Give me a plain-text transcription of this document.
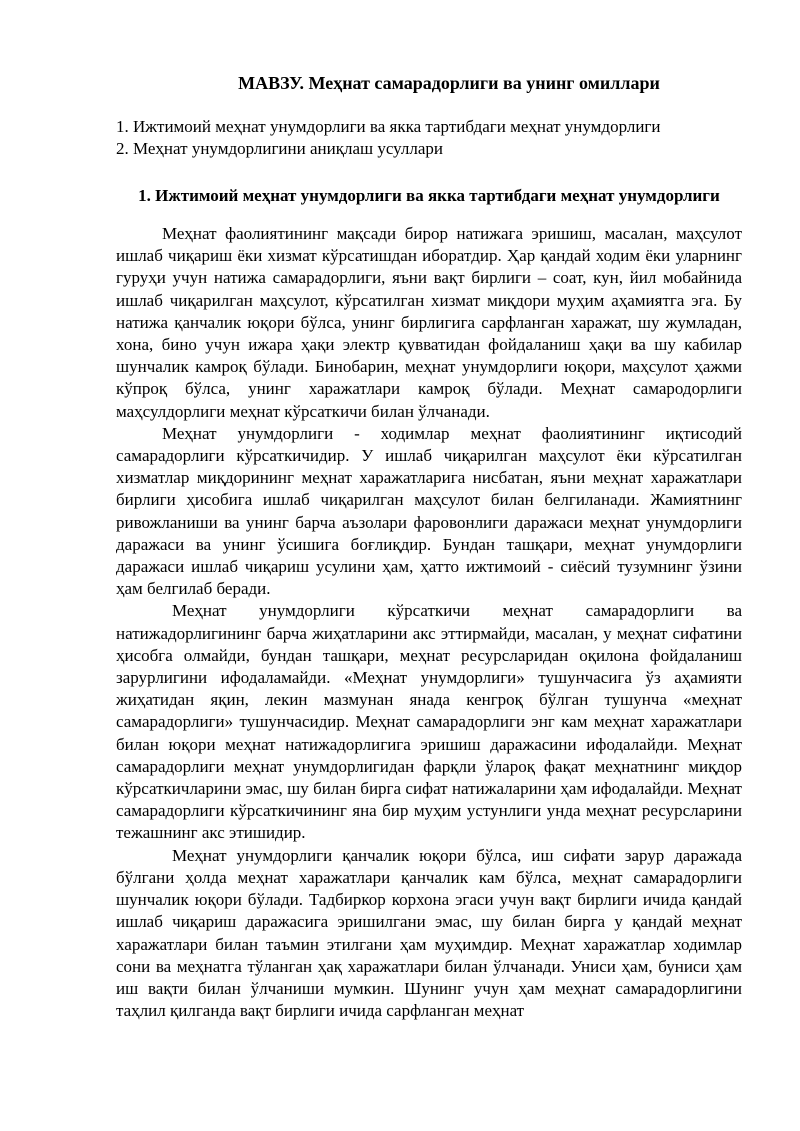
МАВЗУ. Меҳнат самарадорлиги ва унинг омиллари
1. Ижтимоий меҳнат унумдорлиги ва якка тартибдаги меҳнат унумдорлиги
2. Меҳнат унумдорлигини аниқлаш усуллари
1. Ижтимоий меҳнат унумдорлиги ва якка тартибдаги меҳнат унумдорлиги

Меҳнат фаолиятининг мақсади бирор натижага эришиш, масалан, маҳсулот ишлаб чиқариш ёки хизмат кўрсатишдан иборатдир. Ҳар қандай ходим ёки уларнинг гуруҳи учун натижа самарадорлиги, яъни вақт бирлиги – соат, кун, йил мобайнида ишлаб чиқарилган маҳсулот, кўрсатилган хизмат миқдори муҳим аҳамиятга эга. Бу натижа қанчалик юқори бўлса, унинг бирлигига сарфланган харажат, шу жумладан, хона, бино учун ижара ҳақи электр қувватидан фойдаланиш ҳақи ва шу кабилар шунчалик камроқ бўлади. Бинобарин, меҳнат унумдорлиги юқори, маҳсулот ҳажми кўпроқ бўлса, унинг харажатлари камроқ бўлади. Меҳнат самародорлиги маҳсулдорлиги меҳнат кўрсаткичи билан ўлчанади.

Меҳнат унумдорлиги - ходимлар меҳнат фаолиятининг иқтисодий самарадорлиги кўрсаткичидир. У ишлаб чиқарилган маҳсулот ёки кўрсатилган хизматлар миқдорининг меҳнат харажатларига нисбатан, яъни меҳнат харажатлари бирлиги ҳисобига ишлаб чиқарилган маҳсулот билан белгиланади. Жамиятнинг ривожланиши ва унинг барча аъзолари фаровонлиги даражаси меҳнат унумдорлиги даражаси ва унинг ўсишига боғлиқдир. Бундан ташқари, меҳнат унумдорлиги даражаси ишлаб чиқариш усулини ҳам, ҳатто ижтимоий - сиёсий тузумнинг ўзини ҳам белгилаб беради.

Меҳнат унумдорлиги кўрсаткичи меҳнат самарадорлиги ва натижадорлигининг барча жиҳатларини акс эттирмайди, масалан, у меҳнат сифатини ҳисобга олмайди, бундан ташқари, меҳнат ресурсларидан оқилона фойдаланиш зарурлигини ифодаламайди. «Меҳнат унумдорлиги» тушунчасига ўз аҳамияти жиҳатидан яқин, лекин мазмунан янада кенгроқ бўлган тушунча «меҳнат самарадорлиги» тушунчасидир. Меҳнат самарадорлиги энг кам меҳнат харажатлари билан юқори меҳнат натижадорлигига эришиш даражасини ифодалайди. Меҳнат самарадорлиги меҳнат унумдорлигидан фарқли ўлароқ фақат меҳнатнинг миқдор кўрсаткичларини эмас, шу билан бирга сифат натижаларини ҳам ифодалайди. Меҳнат самарадорлиги кўрсаткичининг яна бир муҳим устунлиги унда меҳнат ресурсларини тежашнинг акс этишидир.

Меҳнат унумдорлиги қанчалик юқори бўлса, иш сифати зарур даражада бўлгани ҳолда меҳнат харажатлари қанчалик кам бўлса, меҳнат самарадорлиги шунчалик юқори бўлади. Тадбиркор корхона эгаси учун вақт бирлиги ичида қандай ишлаб чиқариш даражасига эришилгани эмас, шу билан бирга у қандай меҳнат харажатлари билан таъмин этилгани ҳам муҳимдир. Меҳнат харажатлар ходимлар сони ва меҳнатга тўланган ҳақ харажатлари билан ўлчанади. Униси ҳам, буниси ҳам иш вақти билан ўлчаниши мумкин. Шунинг учун ҳам меҳнат самарадорлигини таҳлил қилганда вақт бирлиги ичида сарфланган меҳнат
